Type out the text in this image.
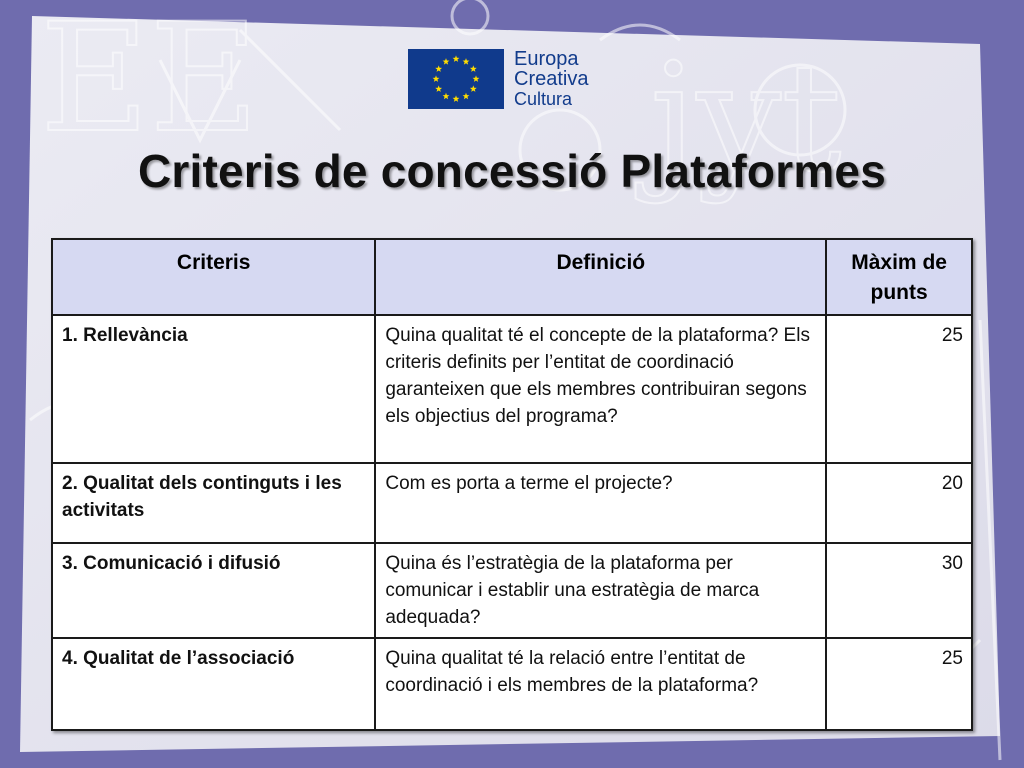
EE	jyt
Europa
Creativa
Cultura
Criteris de concessió Plataformes
Criteris	Definició	Màxim de punts
1. Rellevància	Quina qualitat té el concepte de la plataforma? Els criteris definits per l’entitat de coordinació garanteixen que els membres contribuiran segons els objectius del programa?	25
2. Qualitat dels continguts i les activitats	Com es porta a terme el projecte?	20
3. Comunicació i difusió	Quina és l’estratègia de la plataforma per comunicar i establir una estratègia de marca adequada?	30
4. Qualitat de l’associació	Quina qualitat té la relació entre l’entitat de coordinació i els membres de la plataforma?	25
